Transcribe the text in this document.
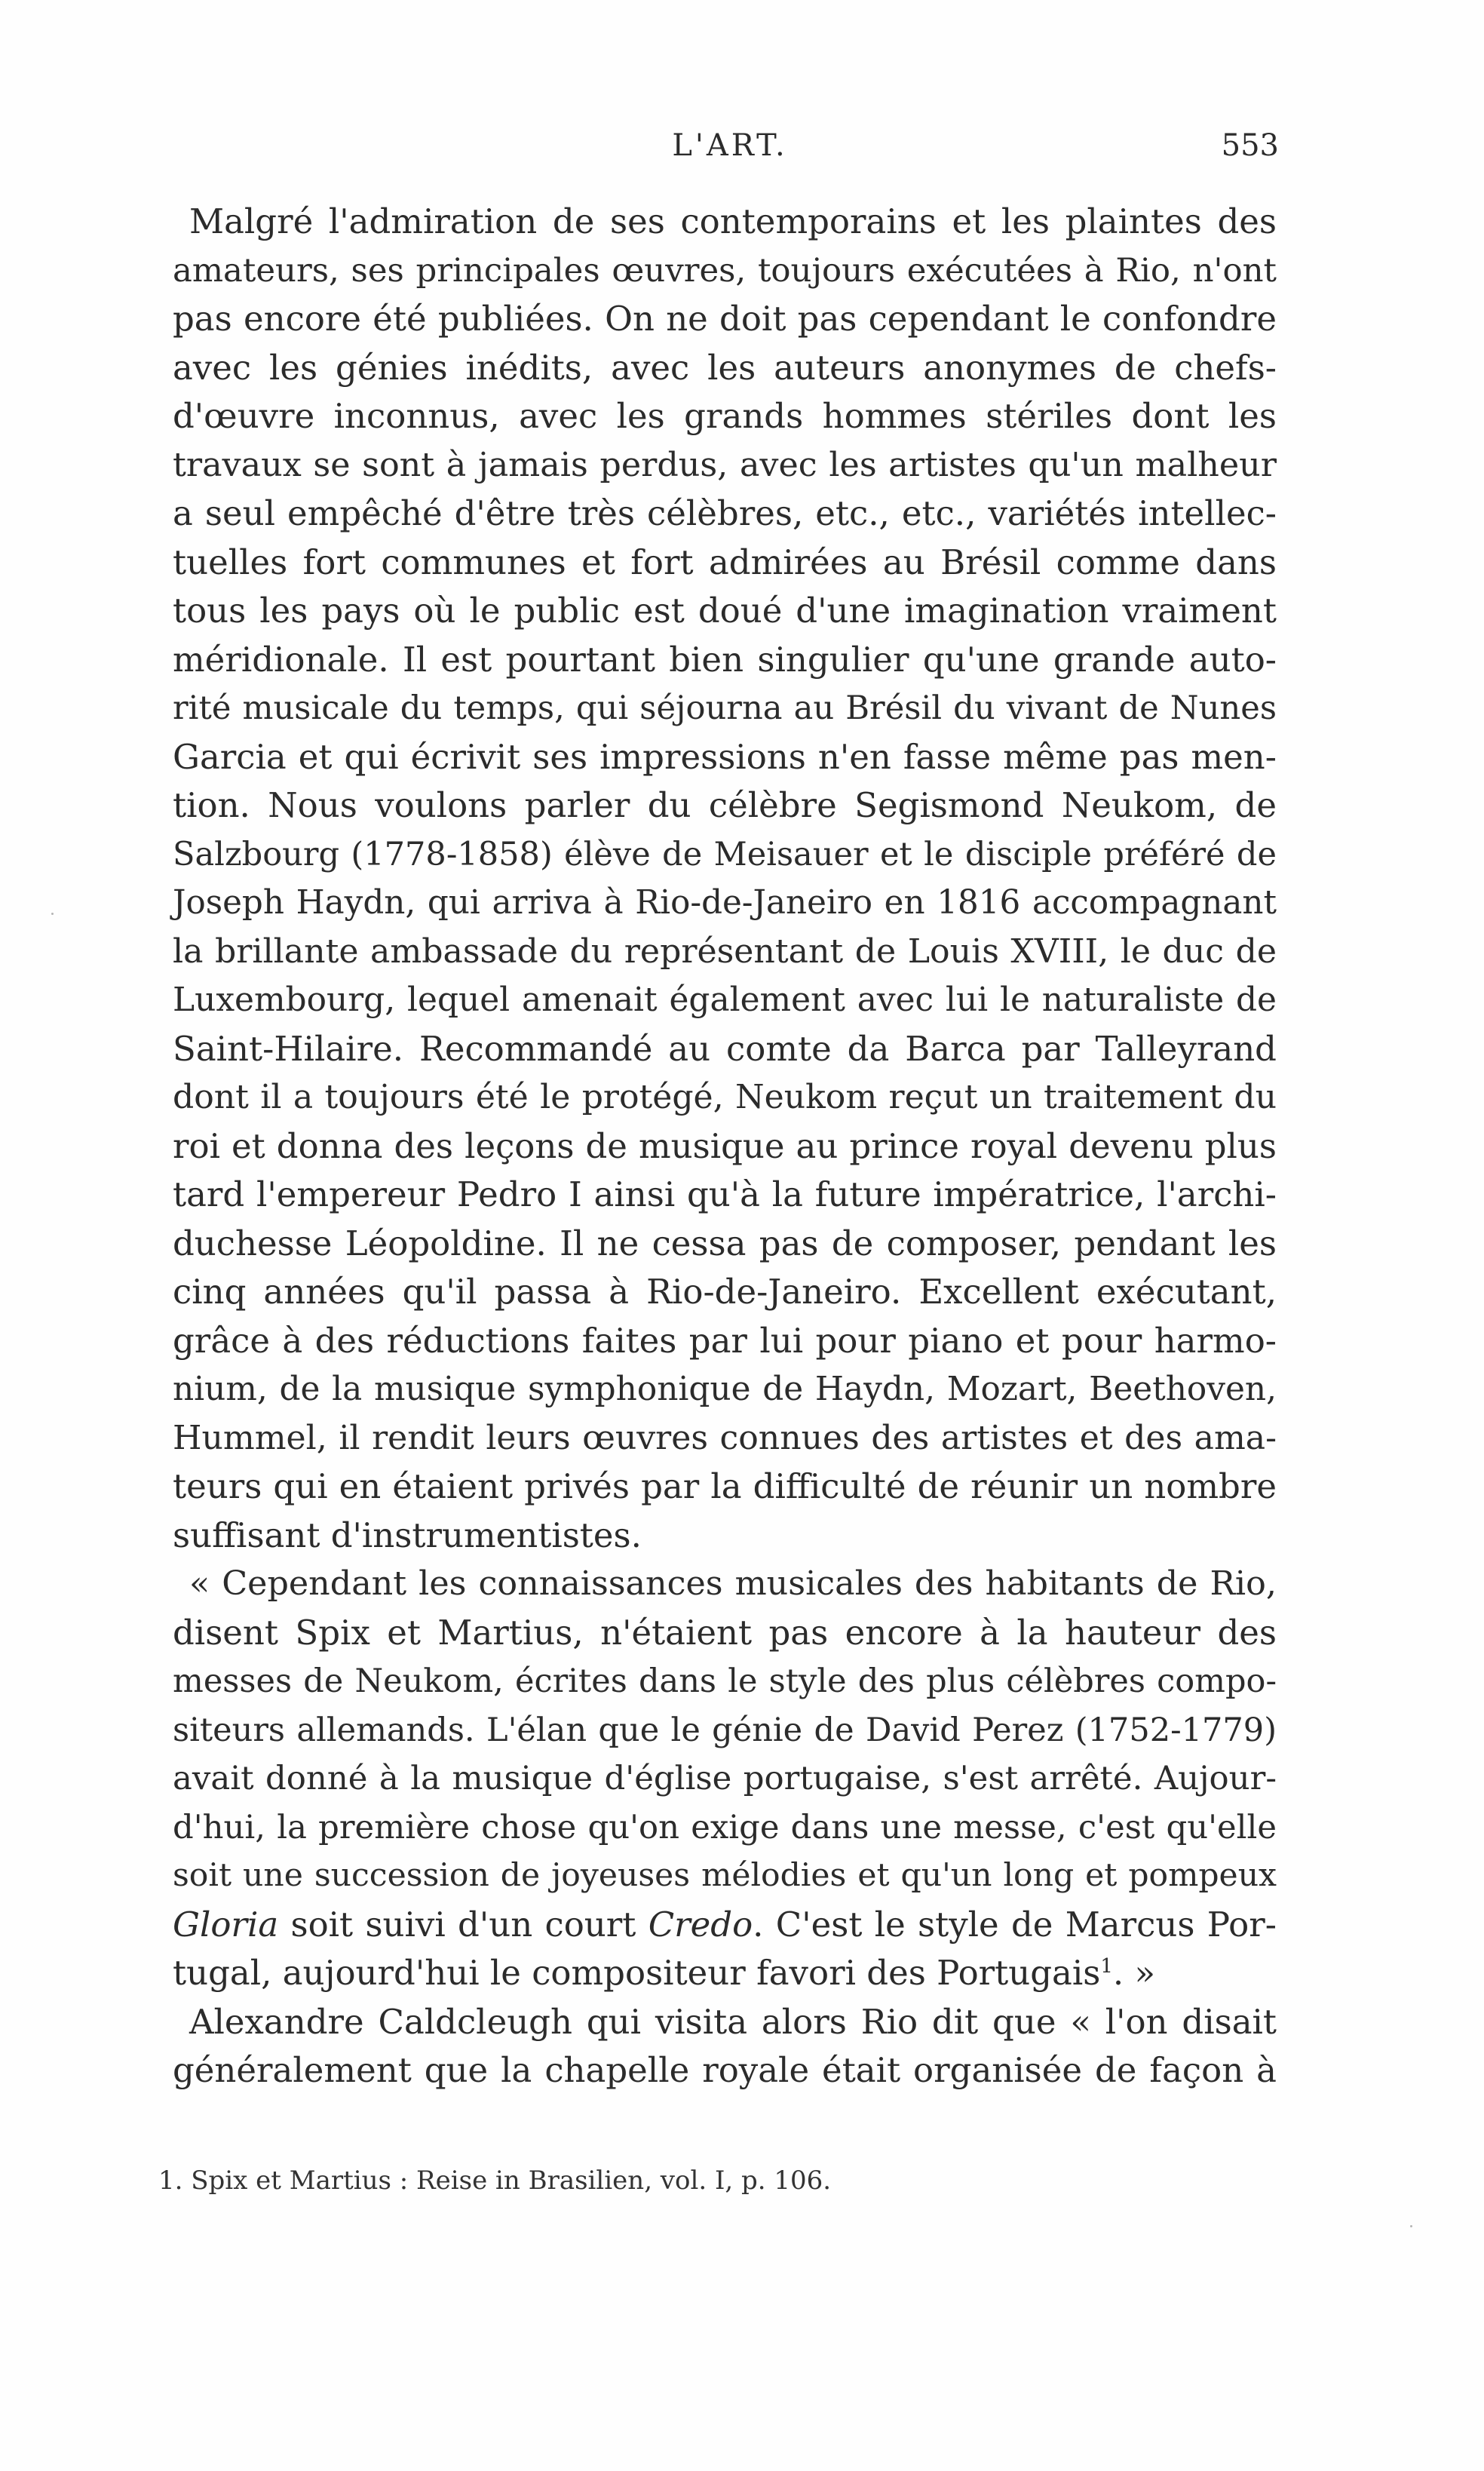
L'ART.	553
Malgré l'admiration de ses contemporains et les plaintes des
amateurs, ses principales œuvres, toujours exécutées à Rio, n'ont
pas encore été publiées. On ne doit pas cependant le confondre
avec les génies inédits, avec les auteurs anonymes de chefs-
d'œuvre inconnus, avec les grands hommes stériles dont les
travaux se sont à jamais perdus, avec les artistes qu'un malheur
a seul empêché d'être très célèbres, etc., etc., variétés intellec-
tuelles fort communes et fort admirées au Brésil comme dans
tous les pays où le public est doué d'une imagination vraiment
méridionale. Il est pourtant bien singulier qu'une grande auto-
rité musicale du temps, qui séjourna au Brésil du vivant de Nunes
Garcia et qui écrivit ses impressions n'en fasse même pas men-
tion. Nous voulons parler du célèbre Segismond Neukom, de
Salzbourg (1778-1858) élève de Meisauer et le disciple préféré de
Joseph Haydn, qui arriva à Rio-de-Janeiro en 1816 accompagnant
la brillante ambassade du représentant de Louis XVIII, le duc de
Luxembourg, lequel amenait également avec lui le naturaliste de
Saint-Hilaire. Recommandé au comte da Barca par Talleyrand
dont il a toujours été le protégé, Neukom reçut un traitement du
roi et donna des leçons de musique au prince royal devenu plus
tard l'empereur Pedro I ainsi qu'à la future impératrice, l'archi-
duchesse Léopoldine. Il ne cessa pas de composer, pendant les
cinq années qu'il passa à Rio-de-Janeiro. Excellent exécutant,
grâce à des réductions faites par lui pour piano et pour harmo-
nium, de la musique symphonique de Haydn, Mozart, Beethoven,
Hummel, il rendit leurs œuvres connues des artistes et des ama-
teurs qui en étaient privés par la difficulté de réunir un nombre
suffisant d'instrumentistes.
« Cependant les connaissances musicales des habitants de Rio,
disent Spix et Martius, n'étaient pas encore à la hauteur des
messes de Neukom, écrites dans le style des plus célèbres compo-
siteurs allemands. L'élan que le génie de David Perez (1752-1779)
avait donné à la musique d'église portugaise, s'est arrêté. Aujour-
d'hui, la première chose qu'on exige dans une messe, c'est qu'elle
soit une succession de joyeuses mélodies et qu'un long et pompeux
Gloria soit suivi d'un court Credo. C'est le style de Marcus Por-
tugal, aujourd'hui le compositeur favori des Portugais$^1$. »
Alexandre Caldcleugh qui visita alors Rio dit que « l'on disait
généralement que la chapelle royale était organisée de façon à
1. Spix et Martius : Reise in Brasilien, vol. I, p. 106.
